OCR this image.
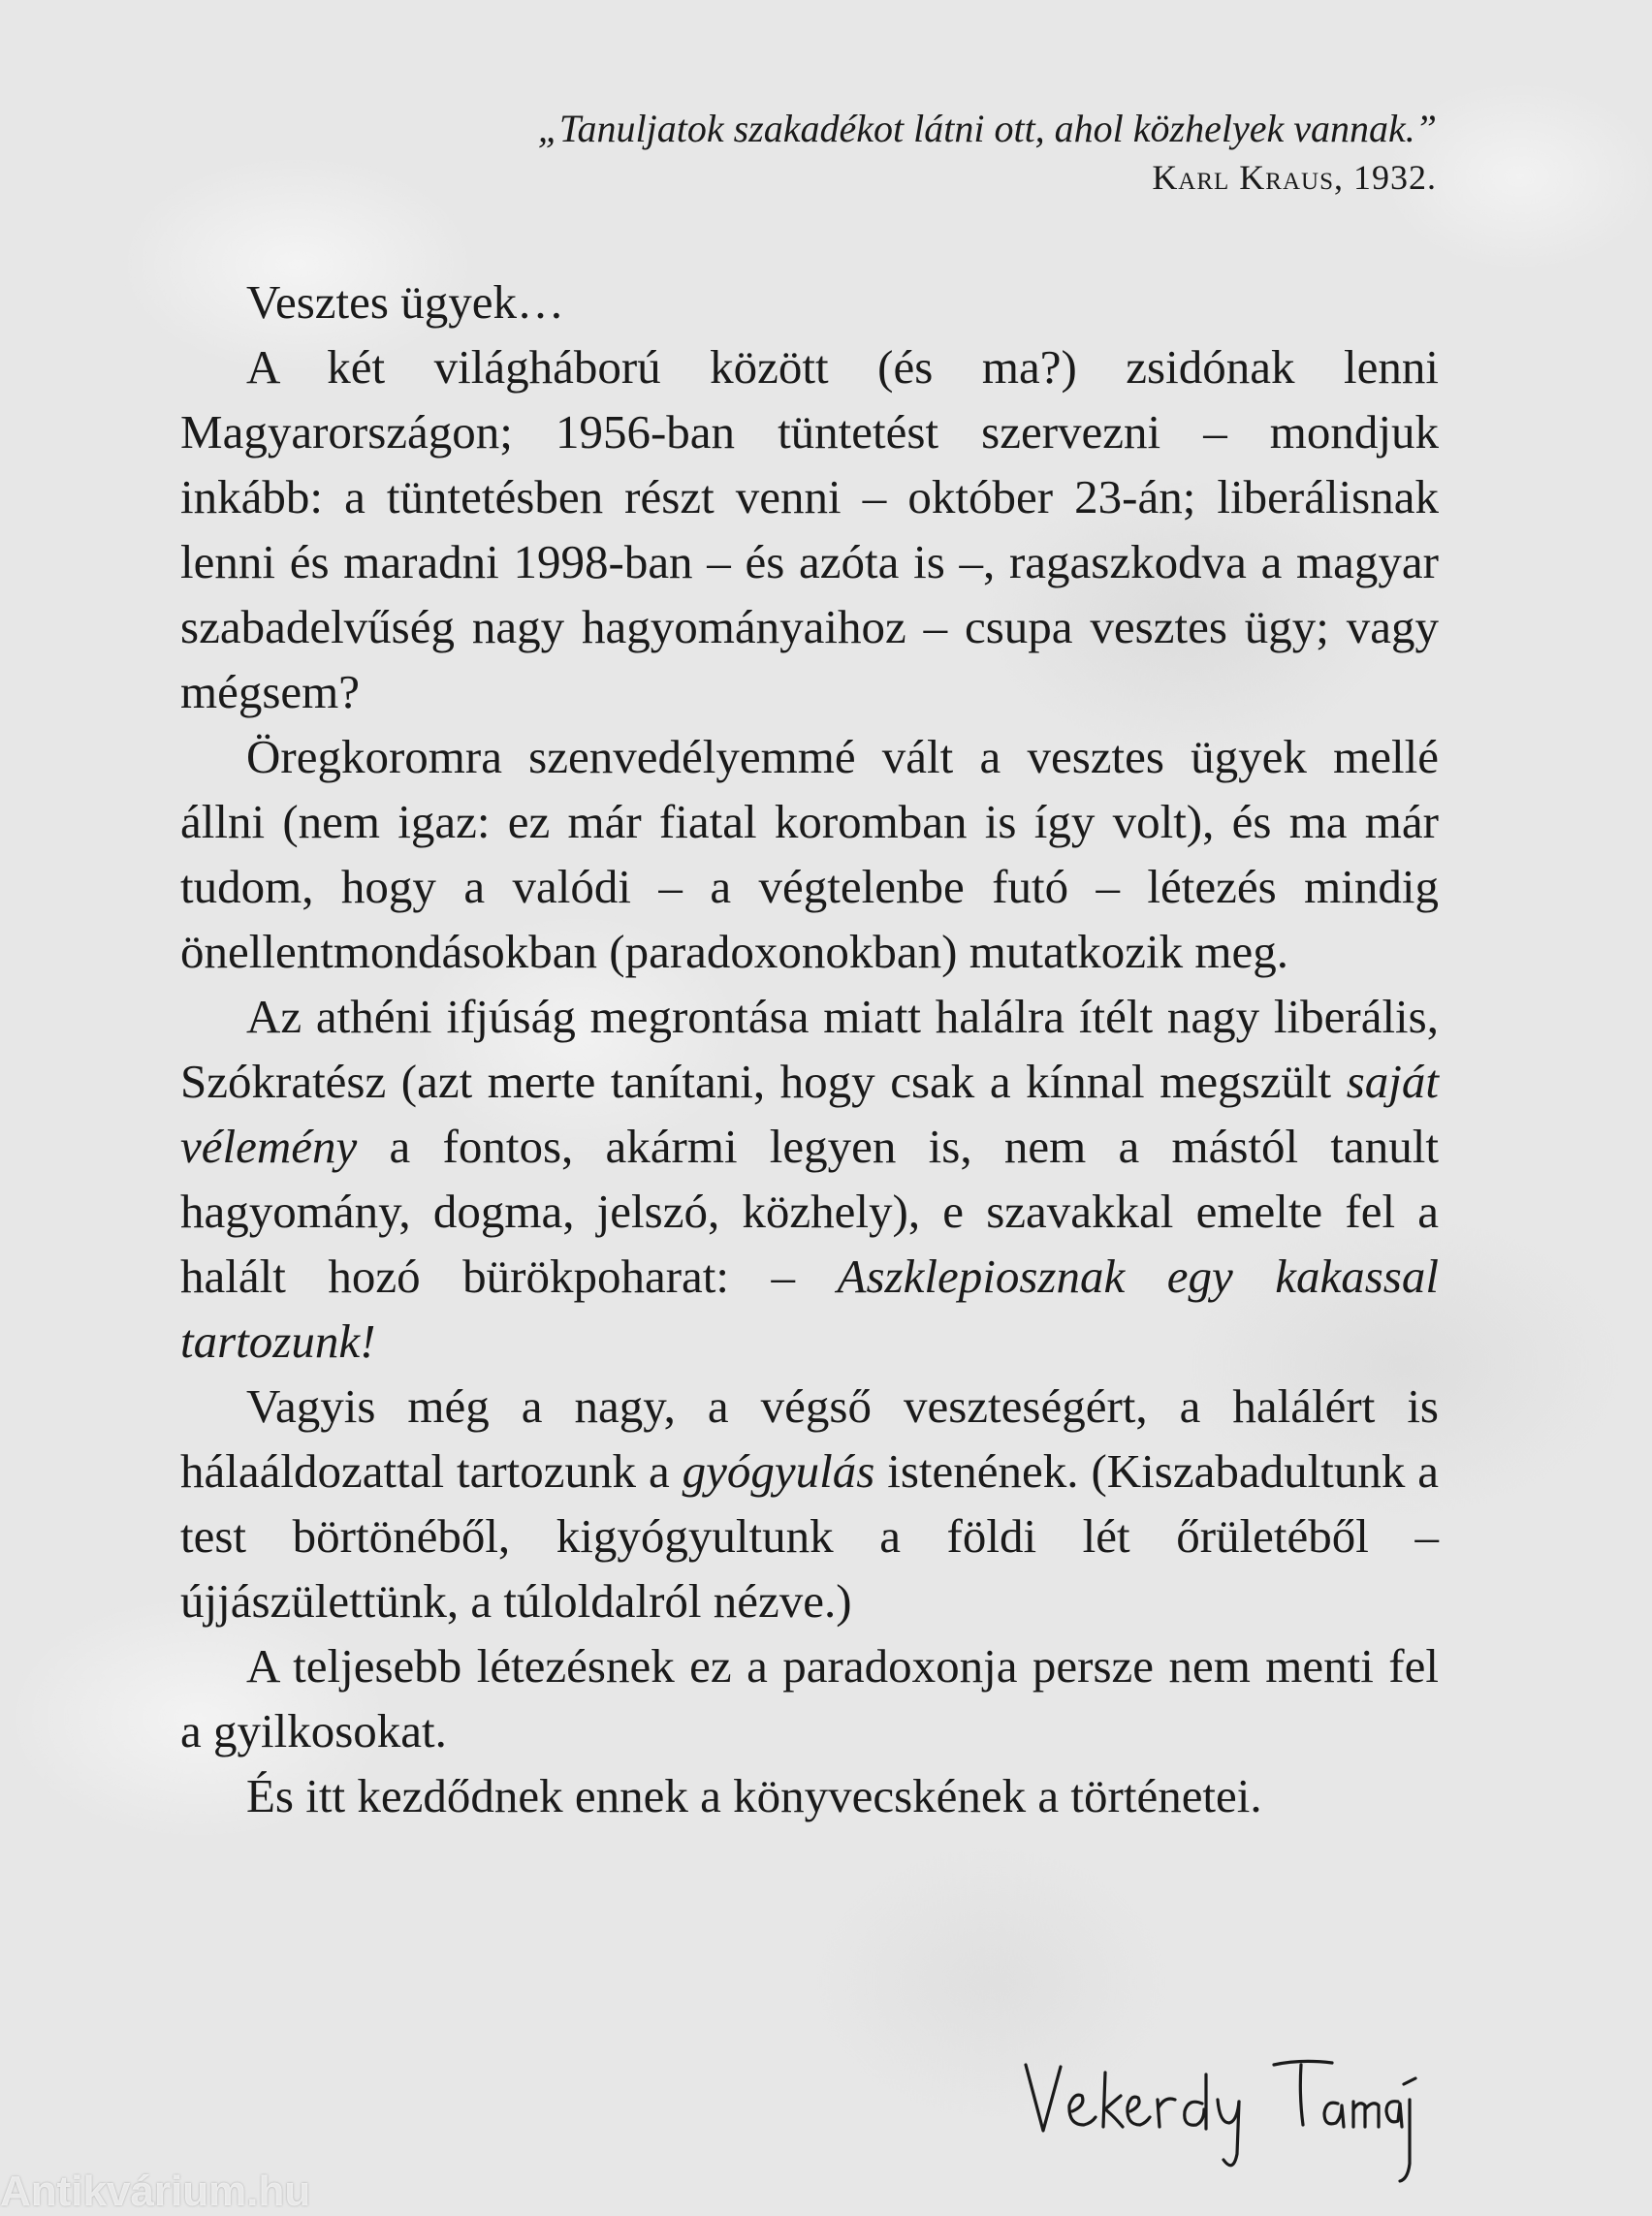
„Tanuljatok szakadékot látni ott, ahol közhelyek vannak.”
Karl Kraus, 1932.

Vesztes ügyek…

A két világháború között (és ma?) zsidónak lenni Magyarországon; 1956-ban tüntetést szervezni – mondjuk inkább: a tüntetésben részt venni – október 23-án; liberálisnak lenni és maradni 1998-ban – és azóta is –, ragaszkodva a magyar szabadelvűség nagy hagyományaihoz – csupa vesztes ügy; vagy mégsem?

Öregkoromra szenvedélyemmé vált a vesztes ügyek mellé állni (nem igaz: ez már fiatal koromban is így volt), és ma már tudom, hogy a valódi – a végtelenbe futó – létezés mindig önellentmondásokban (paradoxonokban) mutatkozik meg.

Az athéni ifjúság megrontása miatt halálra ítélt nagy liberális, Szókratész (azt merte tanítani, hogy csak a kínnal megszült saját vélemény a fontos, akármi legyen is, nem a mástól tanult hagyomány, dogma, jelszó, közhely), e szavakkal emelte fel a halált hozó bürökpoharat: – Aszklepiosznak egy kakassal tartozunk!

Vagyis még a nagy, a végső veszteségért, a halálért is hálaáldozattal tartozunk a gyógyulás istenének. (Kiszabadultunk a test börtönéből, kigyógyultunk a földi lét őrületéből – újjászülettünk, a túloldalról nézve.)

A teljesebb létezésnek ez a paradoxonja persze nem menti fel a gyilkosokat.

És itt kezdődnek ennek a könyvecskének a történetei.

Antikvárium.hu
